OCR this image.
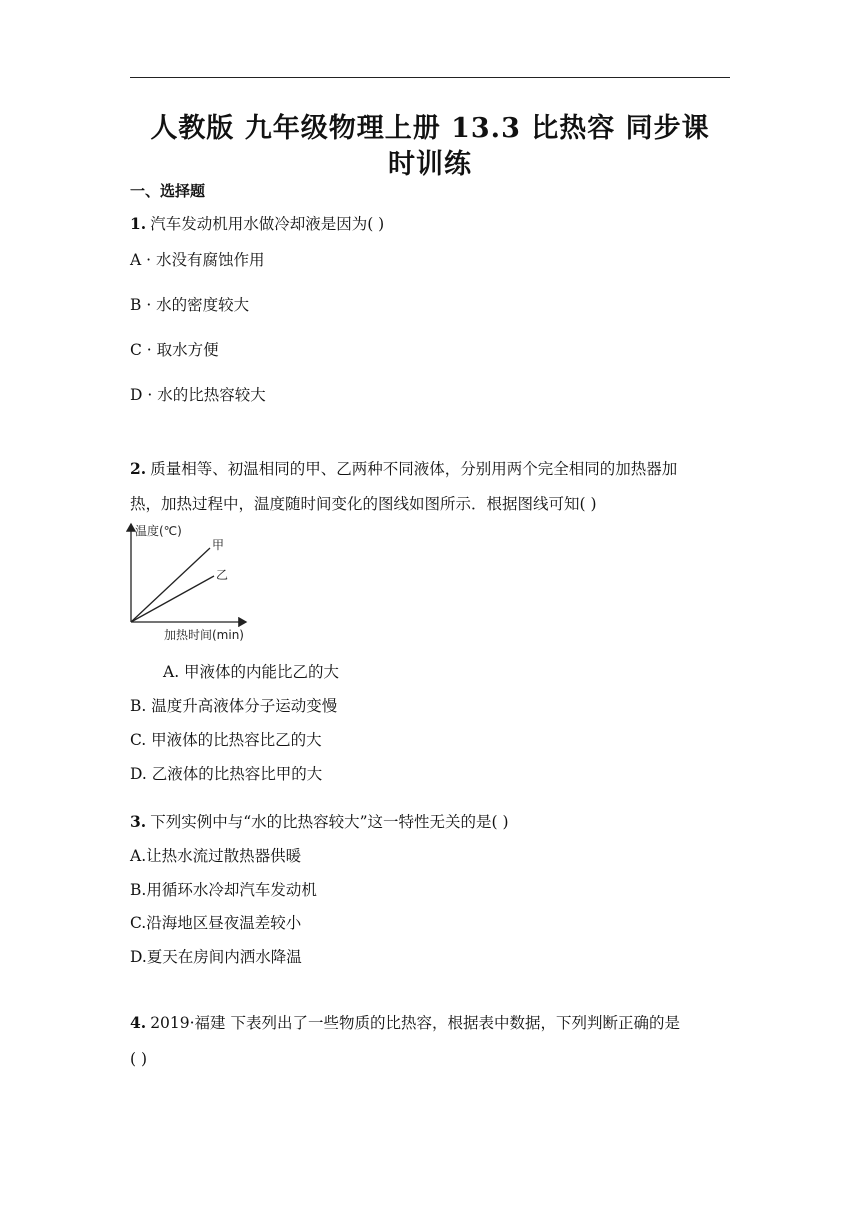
人教版 九年级物理上册 13.3 比热容 同步课
时训练
一、选择题
1. 汽车发动机用水做冷却液是因为( )
A · 水没有腐蚀作用
B · 水的密度较大
C · 取水方便
D · 水的比热容较大
2. 质量相等、初温相同的甲、乙两种不同液体，分别用两个完全相同的加热器加
热，加热过程中，温度随时间变化的图线如图所示．根据图线可知( )
温度(℃)
甲
乙
加热时间(min)
A. 甲液体的内能比乙的大
B. 温度升高液体分子运动变慢
C. 甲液体的比热容比乙的大
D. 乙液体的比热容比甲的大
3. 下列实例中与“水的比热容较大”这一特性无关的是( )
A.让热水流过散热器供暖
B.用循环水冷却汽车发动机
C.沿海地区昼夜温差较小
D.夏天在房间内洒水降温
4. 2019·福建 下表列出了一些物质的比热容，根据表中数据，下列判断正确的是
( )
